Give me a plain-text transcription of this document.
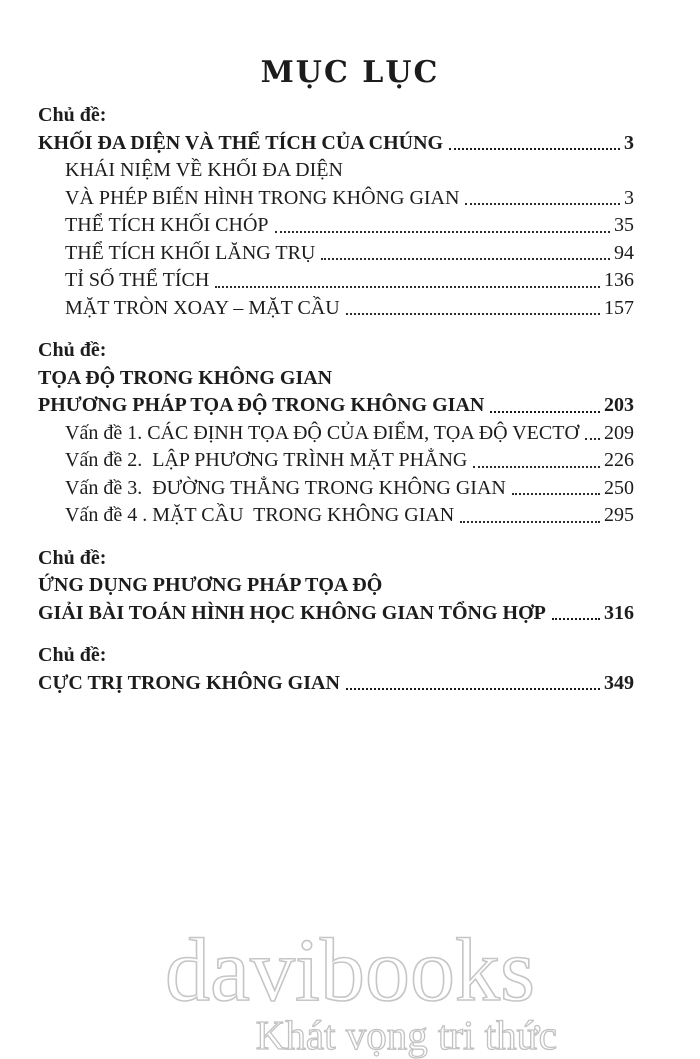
MỤC LỤC
Chủ đề:
KHỐI ĐA DIỆN VÀ THỂ TÍCH CỦA CHÚNG	3
KHÁI NIỆM VỀ KHỐI ĐA DIỆN
VÀ PHÉP BIẾN HÌNH TRONG KHÔNG GIAN	3
THỂ TÍCH KHỐI CHÓP	35
THỂ TÍCH KHỐI LĂNG TRỤ	94
TỈ SỐ THỂ TÍCH	136
MẶT TRÒN XOAY – MẶT CẦU	157
Chủ đề:
TỌA ĐỘ TRONG KHÔNG GIAN
PHƯƠNG PHÁP TỌA ĐỘ TRONG KHÔNG GIAN	203
Vấn đề 1. CÁC ĐỊNH TỌA ĐỘ CỦA ĐIỂM, TỌA ĐỘ VECTƠ 209
Vấn đề 2.  LẬP PHƯƠNG TRÌNH MẶT PHẲNG	226
Vấn đề 3.  ĐƯỜNG THẲNG TRONG KHÔNG GIAN	250
Vấn đề 4 . MẶT CẦU  TRONG KHÔNG GIAN	295
Chủ đề:
ỨNG DỤNG PHƯƠNG PHÁP TỌA ĐỘ
GIẢI BÀI TOÁN HÌNH HỌC KHÔNG GIAN TỔNG HỢP	316
Chủ đề:
CỰC TRỊ TRONG KHÔNG GIAN	349
davibooks
Khát vọng tri thức
